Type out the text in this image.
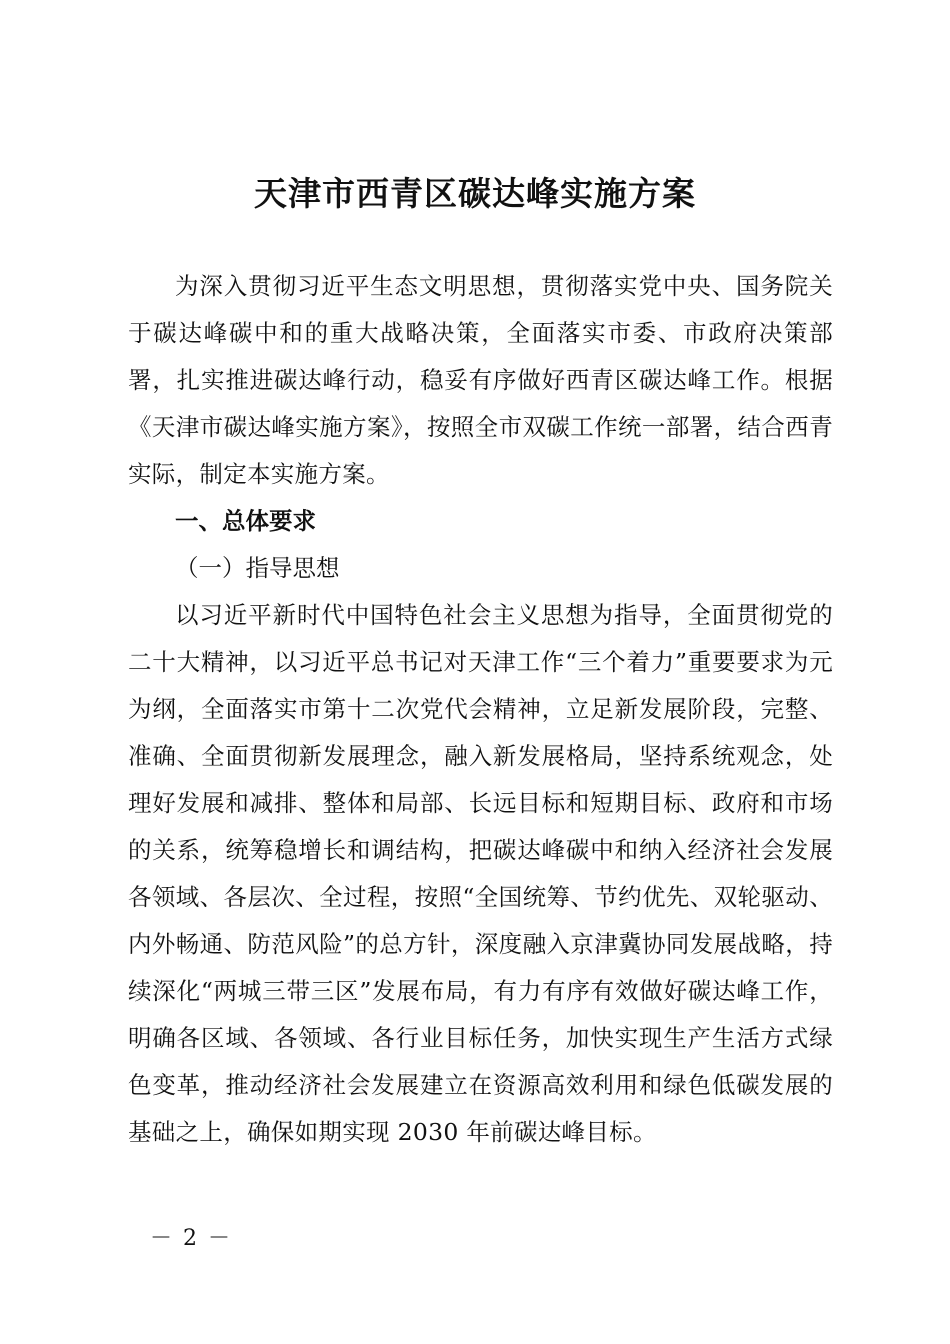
天津市西青区碳达峰实施方案

为深入贯彻习近平生态文明思想，贯彻落实党中央、国务院关于碳达峰碳中和的重大战略决策，全面落实市委、市政府决策部署，扎实推进碳达峰行动，稳妥有序做好西青区碳达峰工作。根据《天津市碳达峰实施方案》，按照全市双碳工作统一部署，结合西青实际，制定本实施方案。

一、总体要求

（一）指导思想

以习近平新时代中国特色社会主义思想为指导，全面贯彻党的二十大精神，以习近平总书记对天津工作“三个着力”重要要求为元为纲，全面落实市第十二次党代会精神，立足新发展阶段，完整、准确、全面贯彻新发展理念，融入新发展格局，坚持系统观念，处理好发展和减排、整体和局部、长远目标和短期目标、政府和市场的关系，统筹稳增长和调结构，把碳达峰碳中和纳入经济社会发展各领域、各层次、全过程，按照“全国统筹、节约优先、双轮驱动、内外畅通、防范风险”的总方针，深度融入京津冀协同发展战略，持续深化“两城三带三区”发展布局，有力有序有效做好碳达峰工作，明确各区域、各领域、各行业目标任务，加快实现生产生活方式绿色变革，推动经济社会发展建立在资源高效利用和绿色低碳发展的基础之上，确保如期实现 2030 年前碳达峰目标。

－ 2 －
